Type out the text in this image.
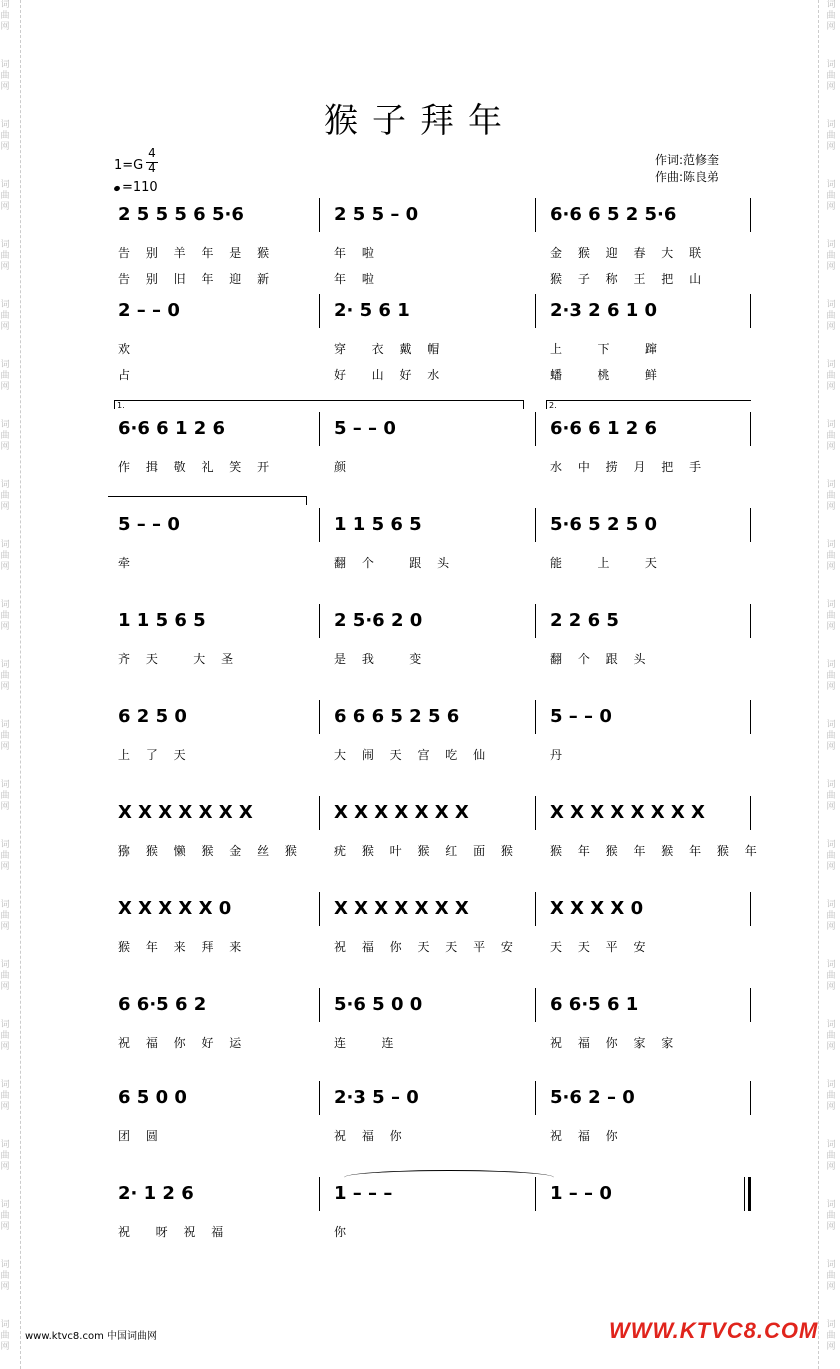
词
曲
网
词
曲
网
词
曲
网
词
曲
网
词
曲
网
词
曲
网
词
曲
网
词
曲
网
词
曲
网
词
曲
网
词
曲
网
词
曲
网
词
曲
网
词
曲
网
词
曲
网
词
曲
网
词
曲
网
词
曲
网
词
曲
网
词
曲
网
词
曲
网
词
曲
网
词
曲
网
词
曲
网
词
曲
网
词
曲
网
词
曲
网
词
曲
网
词
曲
网
词
曲
网
词
曲
网
词
曲
网
词
曲
网
词
曲
网
词
曲
网
词
曲
网
词
曲
网
词
曲
网
词
曲
网
词
曲
网
词
曲
网
词
曲
网
词
曲
网
词
曲
网
词
曲
网
词
曲
网
猴子拜年
1=G
4
4
=110
作词:范修奎
作曲:陈良弟
2 5 5 5 6 5·6
告 别 羊 年 是 猴
告 别 旧 年 迎 新
2 5 5 – 0
年 啦
年 啦
6·6 6 5 2 5·6
金 猴 迎 春 大 联
猴 子 称 王 把 山
2 – – 0
欢
占
2· 5 6 1
穿  衣 戴 帽
好  山 好 水
2·3 2 6 1 0
上   下   蹿
蟠   桃   鲜
6·6 6 1 2 6
作 揖 敬 礼 笑 开
5 – – 0
颜
6·6 6 1 2 6
水 中 捞 月 把 手
1.	2.
5 – – 0
牵
1 1 5 6 5
翻 个   跟 头
5·6 5 2 5 0
能   上   天
1 1 5 6 5
齐 天   大 圣
2 5·6 2 0
是 我   变
2 2 6 5
翻 个 跟 头
6 2 5 0
上 了 天
6 6 6 5 2 5 6
大 闹 天 宫 吃 仙
5 – – 0
丹
X X X X X X X
猕 猴 懒 猴 金 丝 猴
X X X X X X X
疣 猴 叶 猴 红 面 猴
X X X X X X X X
猴 年 猴 年 猴 年 猴 年
X X X X X 0
猴 年 来 拜 来
X X X X X X X
祝 福 你 天 天 平 安
X X X X 0
天 天 平 安
6 6·5 6 2
祝 福 你 好 运
5·6 5 0 0
连   连
6 6·5 6 1
祝 福 你 家 家
6 5 0 0
团 圆
2·3 5 – 0
祝 福 你
5·6 2 – 0
祝 福 你
2· 1 2 6
祝  呀 祝 福
1 – – –
你
1 – – 0
www.ktvc8.com 中国词曲网	WWW.KTVC8.COM
